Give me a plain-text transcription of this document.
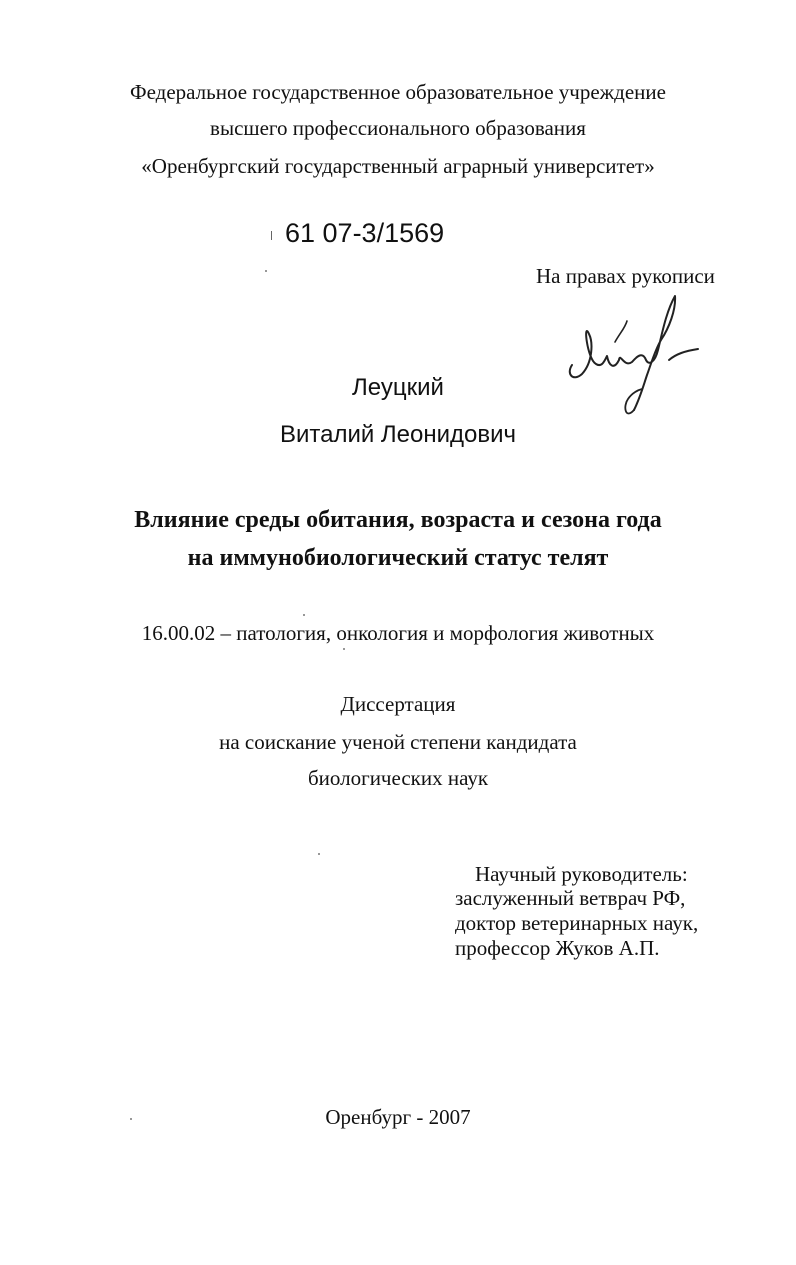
Федеральное государственное образовательное учреждение
высшего профессионального образования
«Оренбургский государственный аграрный университет»
61 07-3/1569
На правах рукописи
Леуцкий
Виталий Леонидович
Влияние среды обитания, возраста и сезона года
на иммунобиологический статус телят
16.00.02 – патология, онкология и морфология животных
Диссертация
на соискание ученой степени кандидата
биологических наук
Научный руководитель:
заслуженный ветврач РФ,
доктор ветеринарных наук,
профессор Жуков А.П.
Оренбург - 2007
